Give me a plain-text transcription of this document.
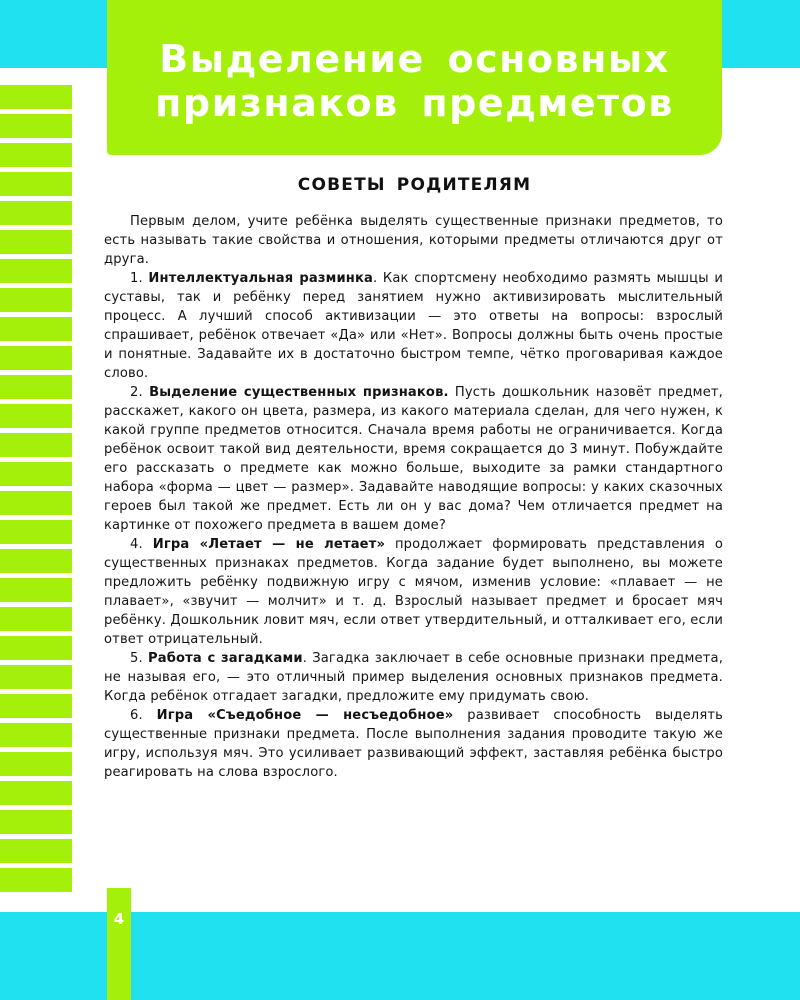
Выделение основных
признаков предметов
СОВЕТЫ РОДИТЕЛЯМ

Первым делом, учите ребёнка выделять существенные признаки предметов, то есть называть такие свойства и отношения, которыми предметы отличаются друг от друга.

1. Интеллектуальная разминка. Как спортсмену необходимо размять мышцы и суставы, так и ребёнку перед занятием нужно активизировать мыслительный процесс. А лучший способ активизации — это ответы на вопросы: взрослый спрашивает, ребёнок отвечает «Да» или «Нет». Вопросы должны быть очень простые и понятные. Задавайте их в достаточно быстром темпе, чётко проговаривая каждое слово.

2. Выделение существенных признаков. Пусть дошкольник назовёт предмет, расскажет, какого он цвета, размера, из какого материала сделан, для чего нужен, к какой группе предметов относится. Сначала время работы не ограничивается. Когда ребёнок освоит такой вид деятельности, время сокращается до 3 минут. Побуждайте его рассказать о предмете как можно больше, выходите за рамки стандартного набора «форма — цвет — размер». Задавайте наводящие вопросы: у каких сказочных героев был такой же предмет. Есть ли он у вас дома? Чем отличается предмет на картинке от похожего предмета в вашем доме?

4. Игра «Летает — не летает» продолжает формировать представления о существенных признаках предметов. Когда задание будет выполнено, вы можете предложить ребёнку подвижную игру с мячом, изменив условие: «плавает — не плавает», «звучит — молчит» и т. д. Взрослый называет предмет и бросает мяч ребёнку. Дошкольник ловит мяч, если ответ утвердительный, и отталкивает его, если ответ отрицательный.

5. Работа с загадками. Загадка заключает в себе основные признаки предмета, не называя его, — это отличный пример выделения основных признаков предмета. Когда ребёнок отгадает загадки, предложите ему придумать свою.

6. Игра «Съедобное — несъедобное» развивает способность выделять существенные признаки предмета. После выполнения задания проводите такую же игру, используя мяч. Это усиливает развивающий эффект, заставляя ребёнка быстро реагировать на слова взрослого.

4
